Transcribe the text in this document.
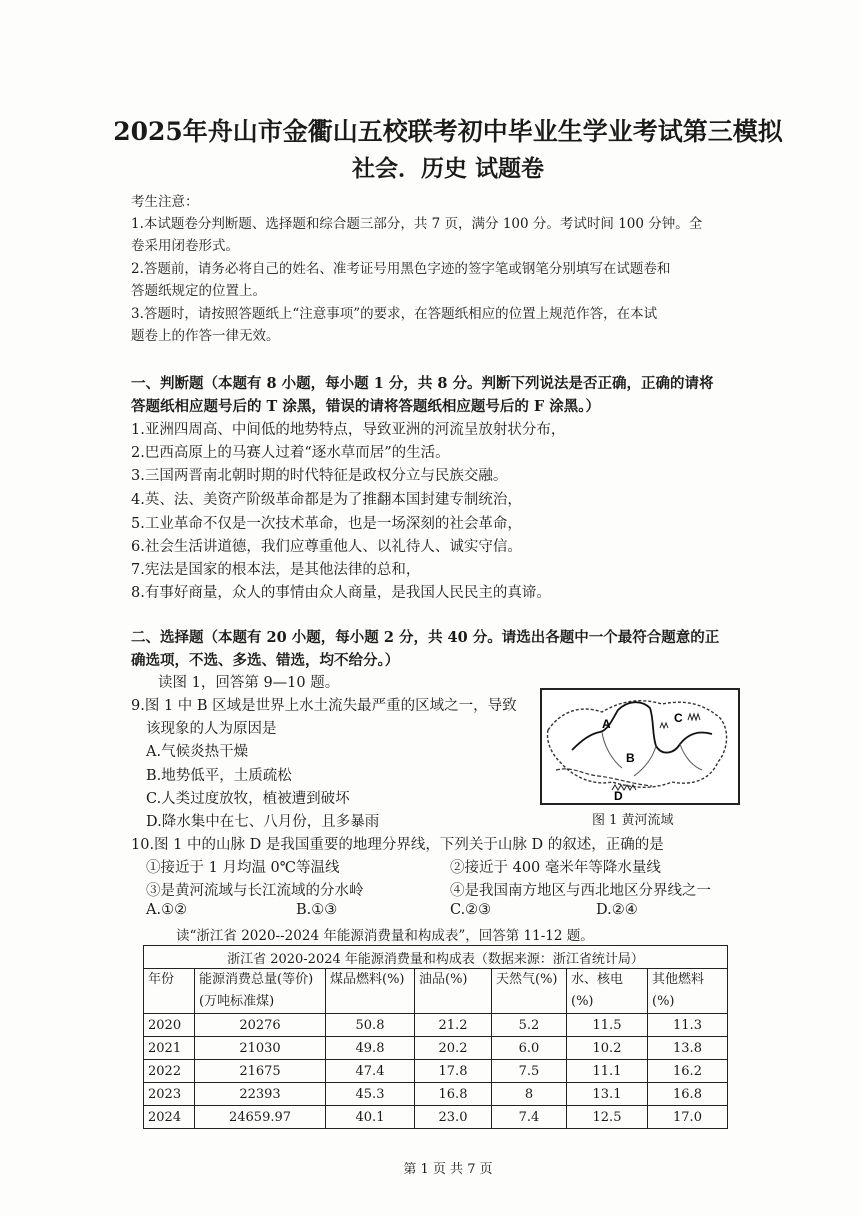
2025年舟山市金衢山五校联考初中毕业生学业考试第三模拟
社会．历史 试题卷
考生注意：
1.本试题卷分判断题、选择题和综合题三部分，共 7 页，满分 100 分。考试时间 100 分钟。全
卷采用闭卷形式。
2.答题前，请务必将自己的姓名、准考证号用黑色字迹的签字笔或钢笔分别填写在试题卷和
答题纸规定的位置上。
3.答题时，请按照答题纸上“注意事项”的要求，在答题纸相应的位置上规范作答，在本试
题卷上的作答一律无效。
一、判断题（本题有 8 小题，每小题 1 分，共 8 分。判断下列说法是否正确，正确的请将
答题纸相应题号后的 T 涂黑，错误的请将答题纸相应题号后的 F 涂黑。）
1.亚洲四周高、中间低的地势特点，导致亚洲的河流呈放射状分布，
2.巴西高原上的马赛人过着“逐水草而居”的生活。
3.三国两晋南北朝时期的时代特征是政权分立与民族交融。
4.英、法、美资产阶级革命都是为了推翻本国封建专制统治，
5.工业革命不仅是一次技术革命，也是一场深刻的社会革命，
6.社会生活讲道德，我们应尊重他人、以礼待人、诚实守信。
7.宪法是国家的根本法，是其他法律的总和，
8.有事好商量，众人的事情由众人商量，是我国人民民主的真谛。
二、选择题（本题有 20 小题，每小题 2 分，共 40 分。请选出各题中一个最符合题意的正
确选项，不选、多选、错选，均不给分。）
读图 1，回答第 9—10 题。
9.图 1 中 B 区域是世界上水土流失最严重的区域之一，导致
该现象的人为原因是
A.气候炎热干燥
B.地势低平，土质疏松
C.人类过度放牧，植被遭到破坏
D.降水集中在七、八月份，且多暴雨
A
B
C
D
图 1 黄河流域
10.图 1 中的山脉 D 是我国重要的地理分界线，下列关于山脉 D 的叙述，正确的是
①接近于 1 月均温 0℃等温线	②接近于 400 毫米年等降水量线
③是黄河流域与长江流域的分水岭	④是我国南方地区与西北地区分界线之一
A.①②	B.①③	C.②③	D.②④
读“浙江省 2020--2024 年能源消费量和构成表”，回答第 11-12 题。
浙江省 2020-2024 年能源消费量和构成表（数据来源：浙江省统计局）						
年份	能源消费总量(等价)(万吨标准煤)	煤品燃料(%)	油品(%)	天然气(%)	水、核电(%)	其他燃料(%)
2020	20276	50.8	21.2	5.2	11.5	11.3
2021	21030	49.8	20.2	6.0	10.2	13.8
2022	21675	47.4	17.8	7.5	11.1	16.2
2023	22393	45.3	16.8	8	13.1	16.8
2024	24659.97	40.1	23.0	7.4	12.5	17.0
第 1 页 共 7 页
